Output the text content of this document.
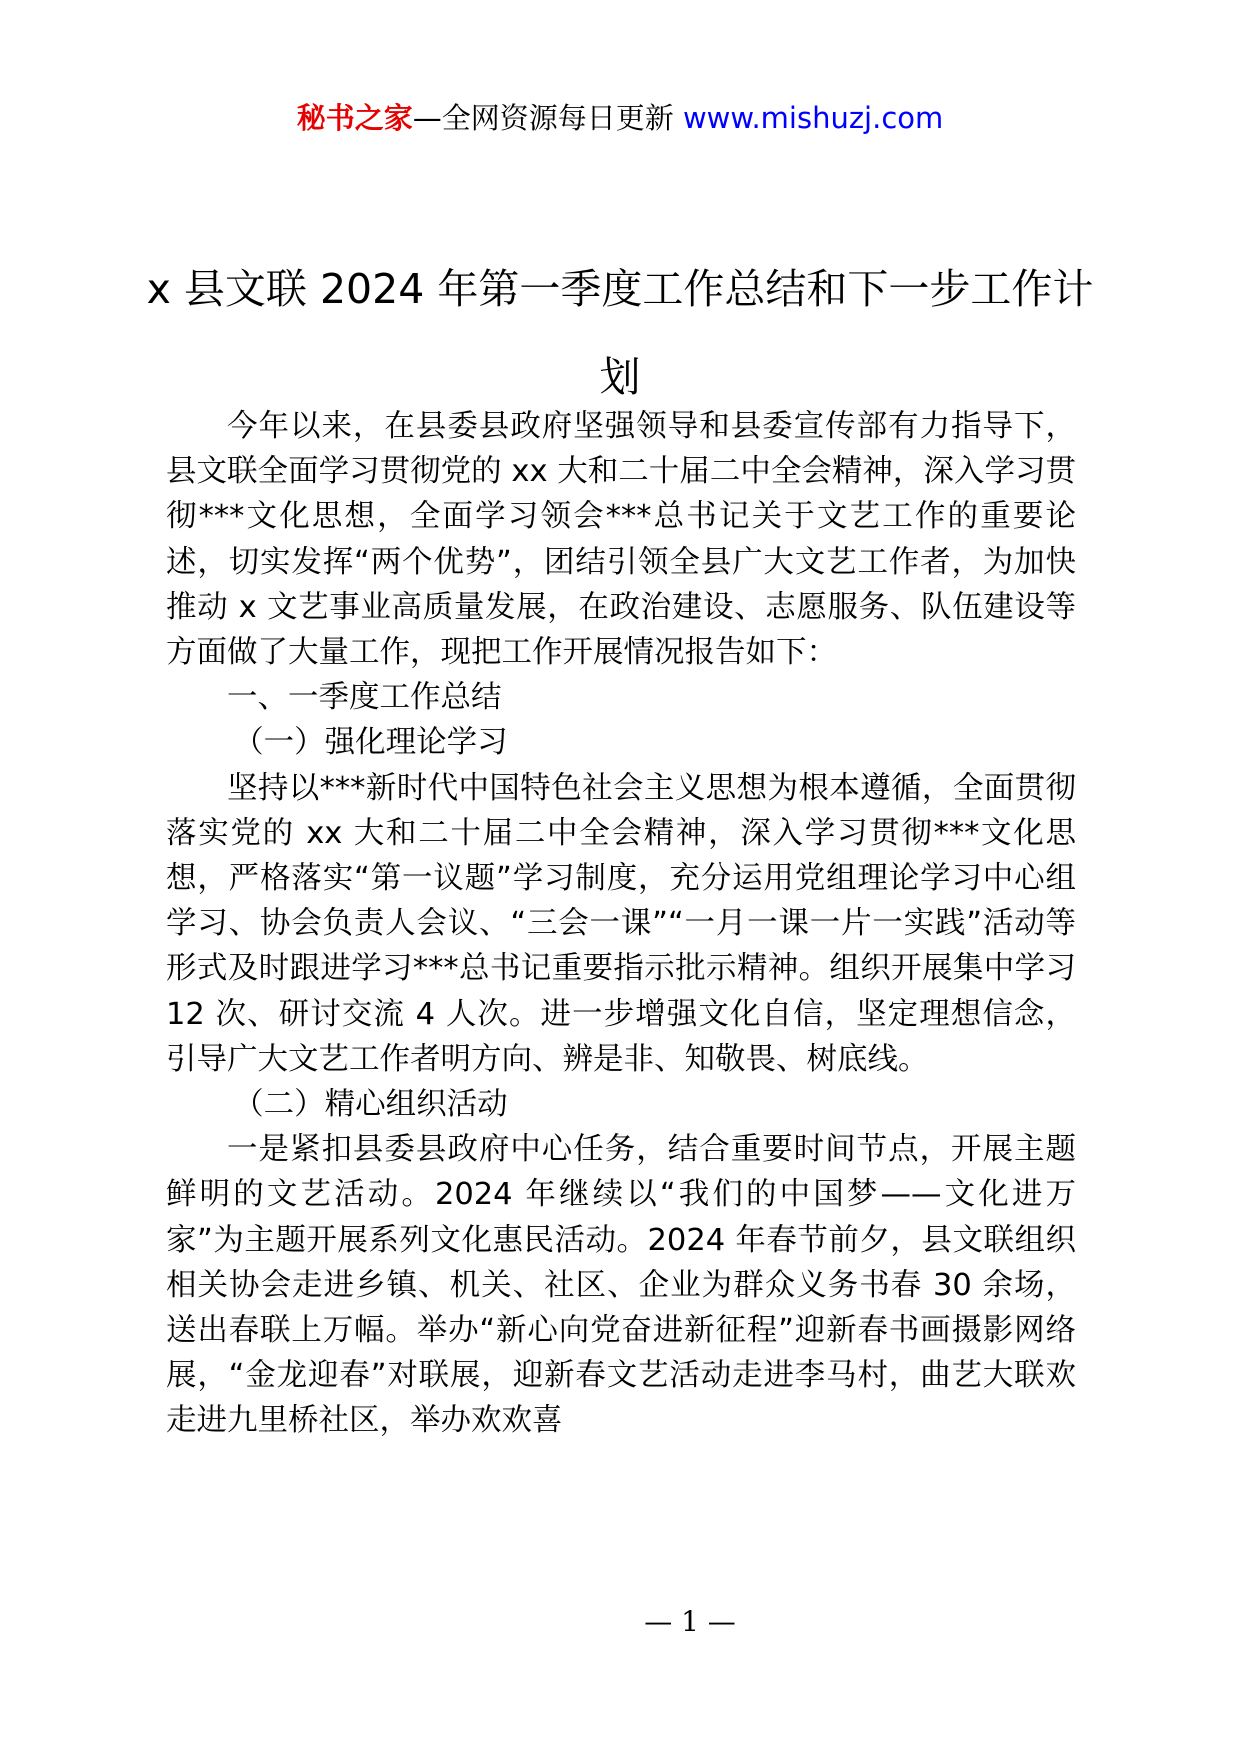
秘书之家—全网资源每日更新 www.mishuzj.com
x 县文联 2024 年第一季度工作总结和下一步工作计划

今年以来，在县委县政府坚强领导和县委宣传部有力指导下，县文联全面学习贯彻党的 xx 大和二十届二中全会精神，深入学习贯彻***文化思想，全面学习领会***总书记关于文艺工作的重要论述，切实发挥“两个优势”，团结引领全县广大文艺工作者，为加快推动 x 文艺事业高质量发展，在政治建设、志愿服务、队伍建设等方面做了大量工作，现把工作开展情况报告如下：

一、一季度工作总结

（一）强化理论学习

坚持以***新时代中国特色社会主义思想为根本遵循，全面贯彻落实党的 xx 大和二十届二中全会精神，深入学习贯彻***文化思想，严格落实“第一议题”学习制度，充分运用党组理论学习中心组学习、协会负责人会议、“三会一课”“一月一课一片一实践”活动等形式及时跟进学习***总书记重要指示批示精神。组织开展集中学习 12 次、研讨交流 4 人次。进一步增强文化自信，坚定理想信念，引导广大文艺工作者明方向、辨是非、知敬畏、树底线。

（二）精心组织活动

一是紧扣县委县政府中心任务，结合重要时间节点，开展主题鲜明的文艺活动。2024 年继续以“我们的中国梦——文化进万家”为主题开展系列文化惠民活动。2024 年春节前夕，县文联组织相关协会走进乡镇、机关、社区、企业为群众义务书春 30 余场，送出春联上万幅。举办“新心向党奋进新征程”迎新春书画摄影网络展，“金龙迎春”对联展，迎新春文艺活动走进李马村，曲艺大联欢走进九里桥社区，举办欢欢喜

— 1 —
